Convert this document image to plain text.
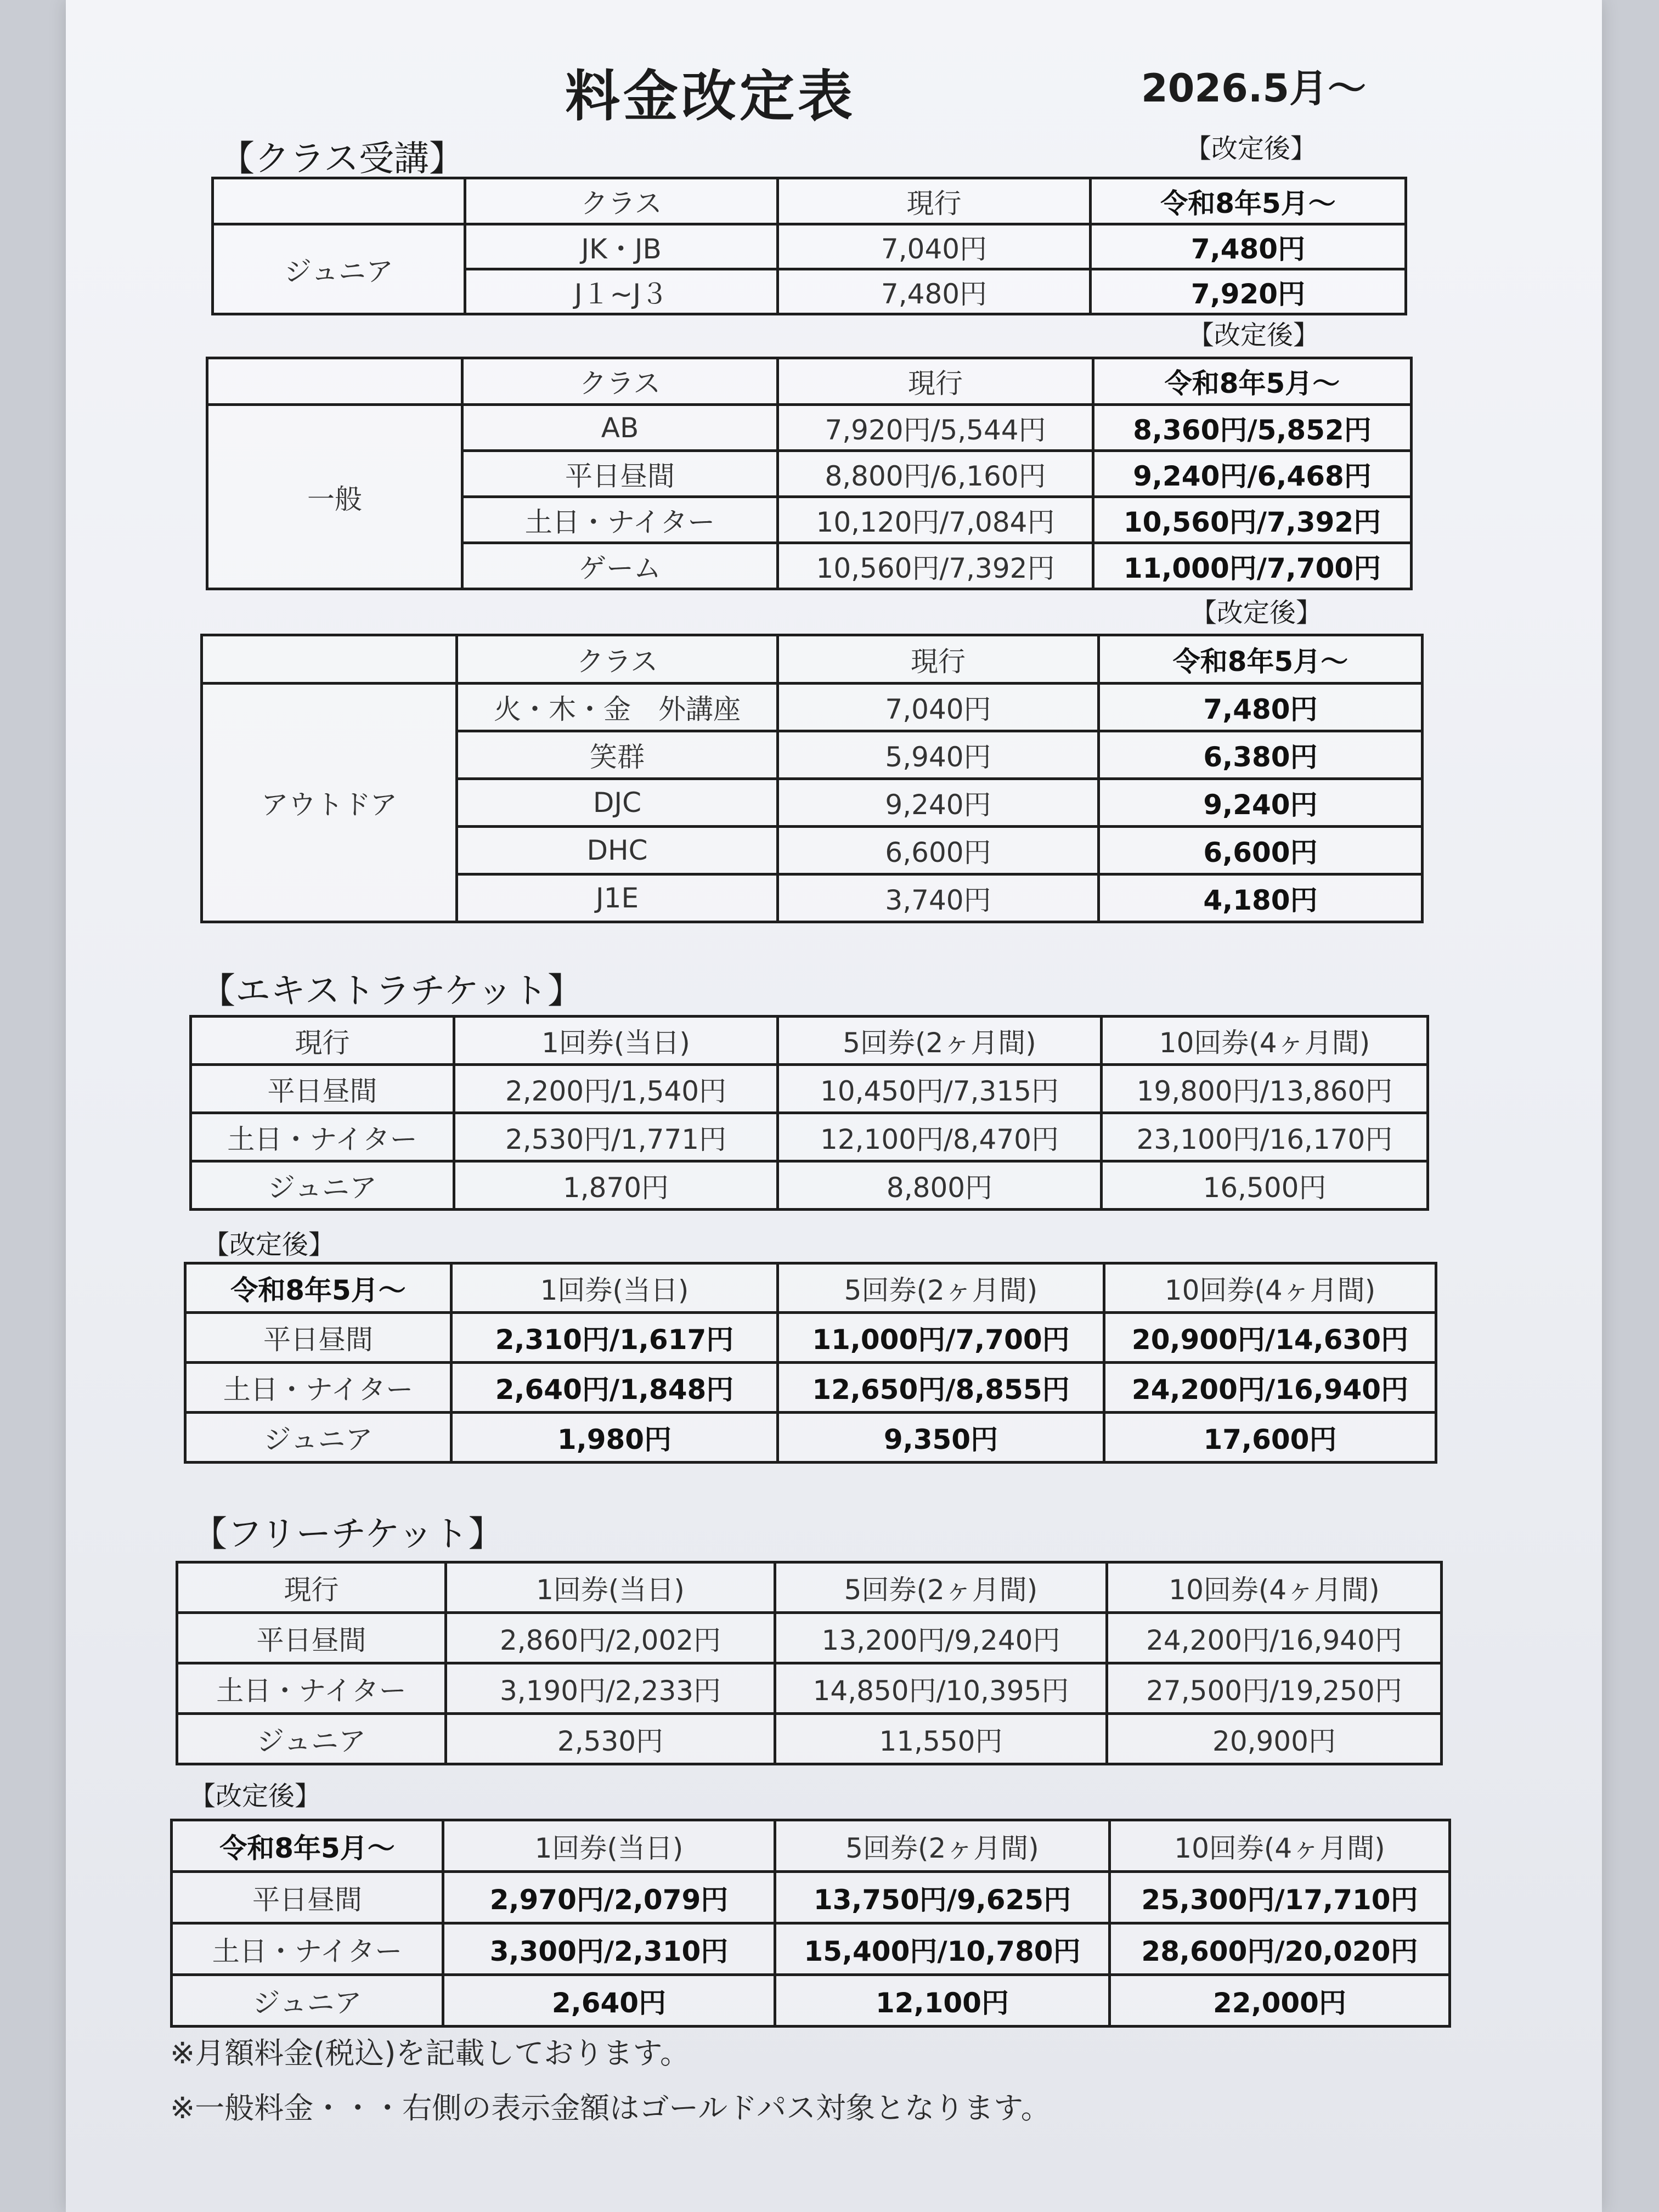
料金改定表	2026.5月～
【クラス受講】	【改定後】
	クラス	現行	令和8年5月～
ジュニア	JK・JB	7,040円	7,480円
	J１~J３	7,480円	7,920円
【改定後】
	クラス	現行	令和8年5月～
一般	AB	7,920円/5,544円	8,360円/5,852円
	平日昼間	8,800円/6,160円	9,240円/6,468円
	土日・ナイター	10,120円/7,084円	10,560円/7,392円
	ゲーム	10,560円/7,392円	11,000円/7,700円
【改定後】
	クラス	現行	令和8年5月～
アウトドア	火・木・金　外講座	7,040円	7,480円
	笑群	5,940円	6,380円
	DJC	9,240円	9,240円
	DHC	6,600円	6,600円
	J1E	3,740円	4,180円
【エキストラチケット】
現行	1回券(当日)	5回券(2ヶ月間)	10回券(4ヶ月間)
平日昼間	2,200円/1,540円	10,450円/7,315円	19,800円/13,860円
土日・ナイター	2,530円/1,771円	12,100円/8,470円	23,100円/16,170円
ジュニア	1,870円	8,800円	16,500円
【改定後】
令和8年5月～	1回券(当日)	5回券(2ヶ月間)	10回券(4ヶ月間)
平日昼間	2,310円/1,617円	11,000円/7,700円	20,900円/14,630円
土日・ナイター	2,640円/1,848円	12,650円/8,855円	24,200円/16,940円
ジュニア	1,980円	9,350円	17,600円
【フリーチケット】
現行	1回券(当日)	5回券(2ヶ月間)	10回券(4ヶ月間)
平日昼間	2,860円/2,002円	13,200円/9,240円	24,200円/16,940円
土日・ナイター	3,190円/2,233円	14,850円/10,395円	27,500円/19,250円
ジュニア	2,530円	11,550円	20,900円
【改定後】
令和8年5月～	1回券(当日)	5回券(2ヶ月間)	10回券(4ヶ月間)
平日昼間	2,970円/2,079円	13,750円/9,625円	25,300円/17,710円
土日・ナイター	3,300円/2,310円	15,400円/10,780円	28,600円/20,020円
ジュニア	2,640円	12,100円	22,000円
※月額料金(税込)を記載しております。
※一般料金・・・右側の表示金額はゴールドパス対象となります。
